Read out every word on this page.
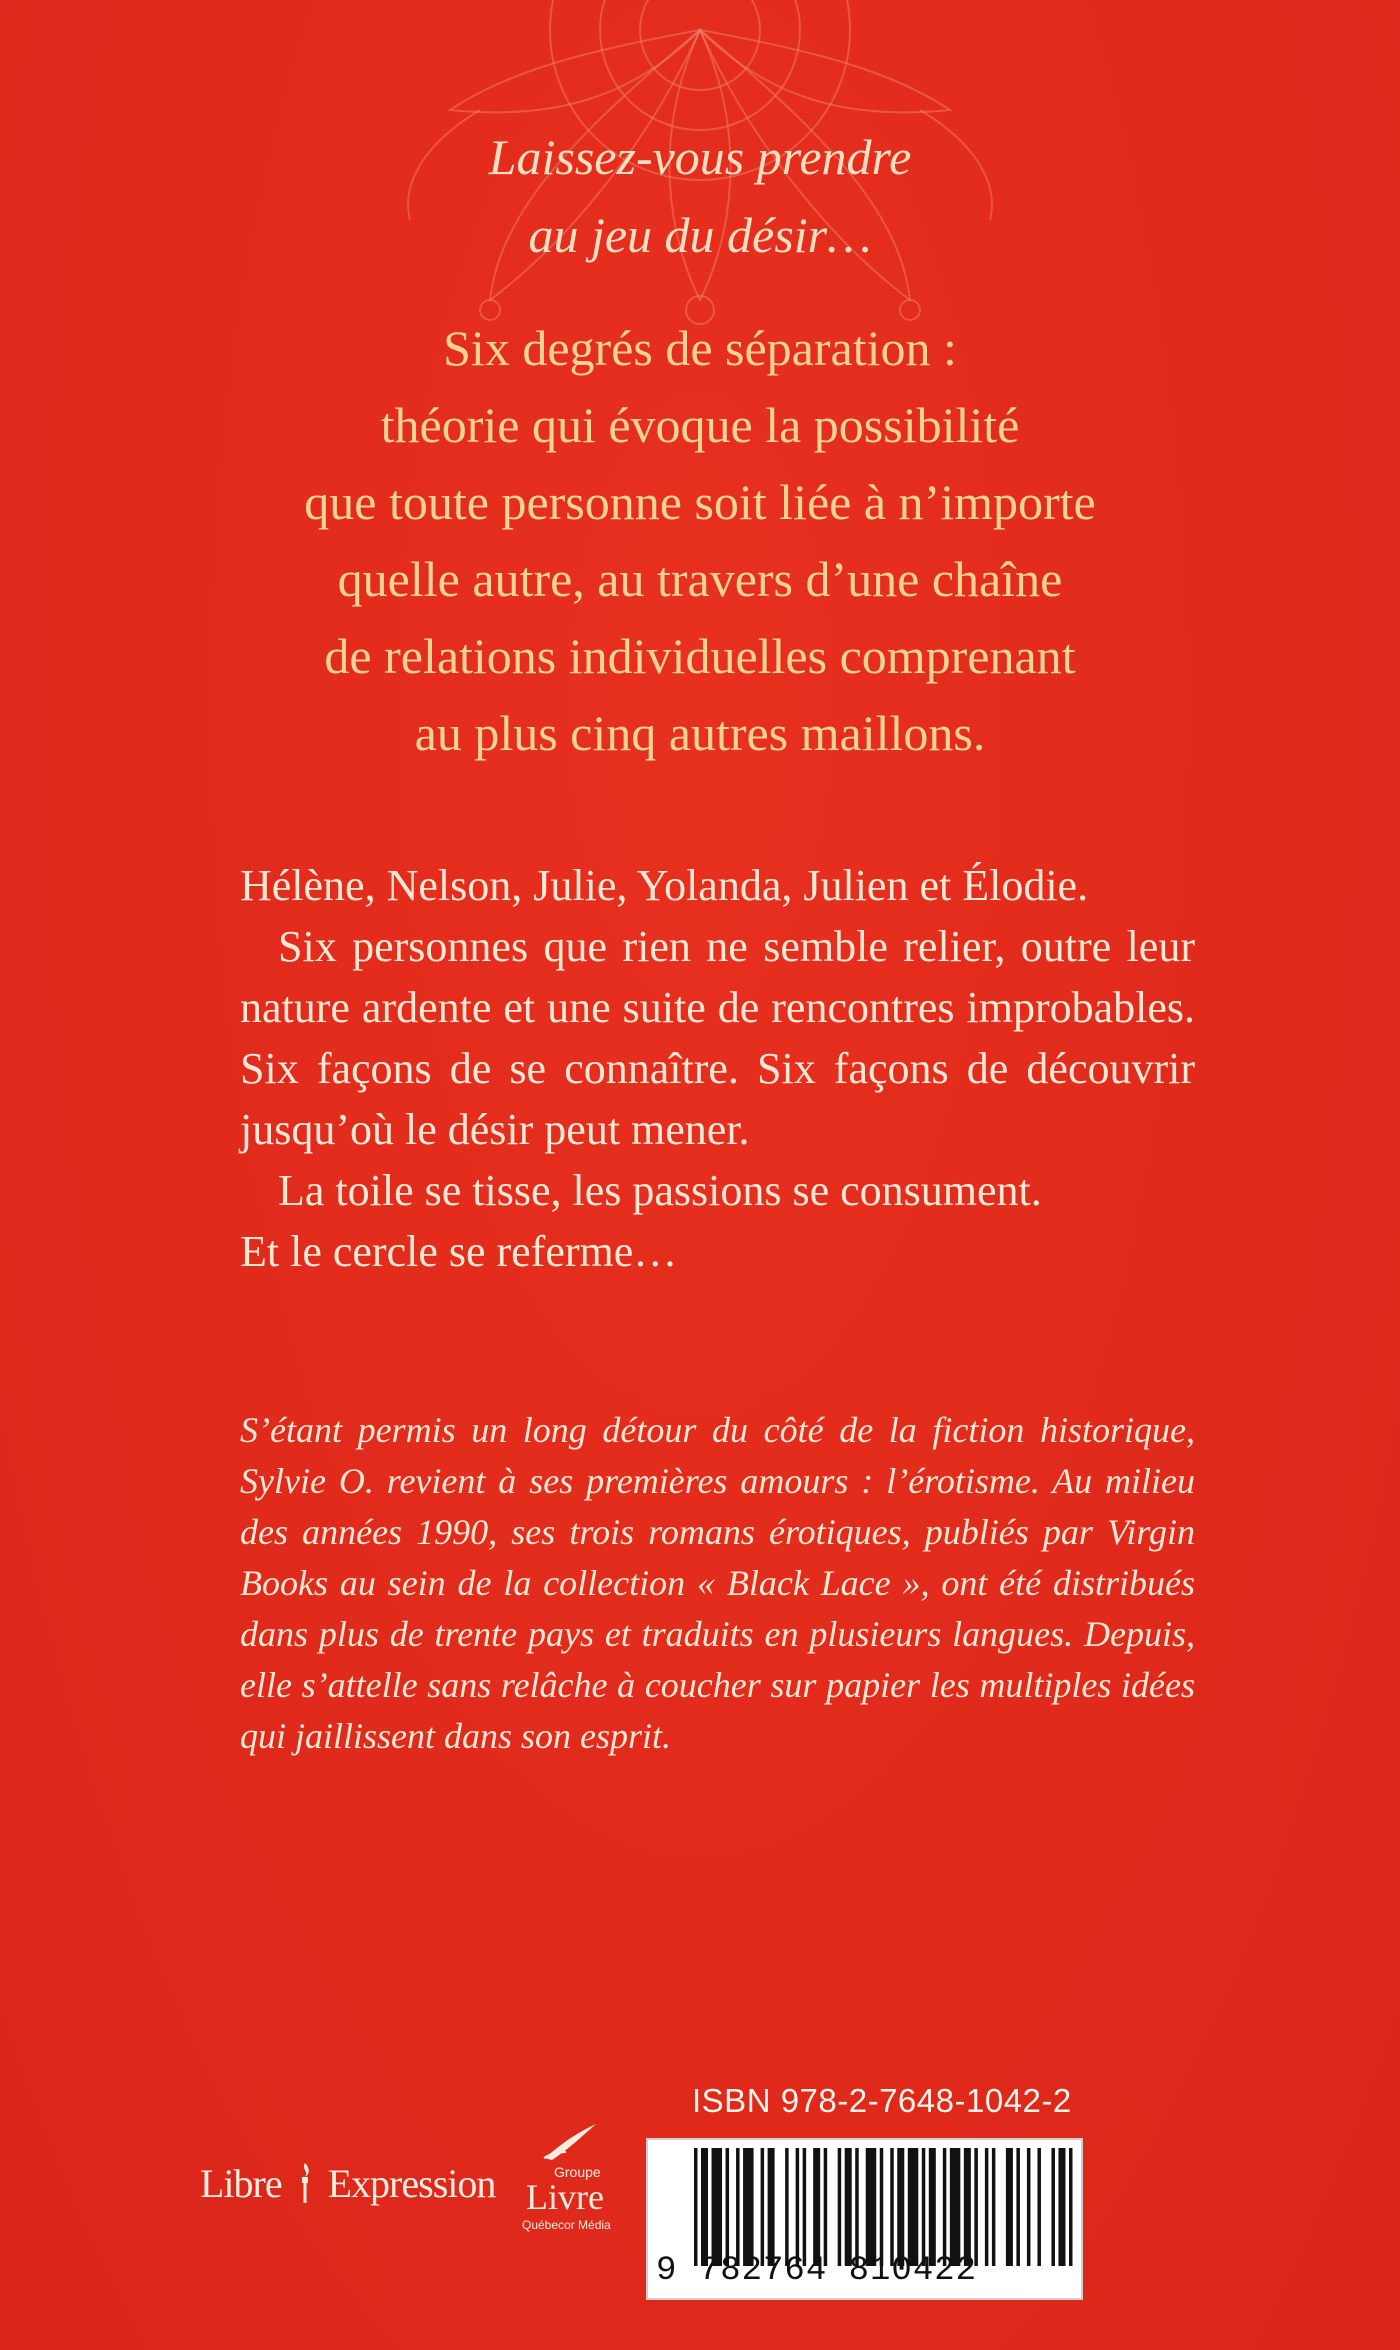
Laissez-vous prendre
au jeu du désir…
Six degrés de séparation :
théorie qui évoque la possibilité
que toute personne soit liée à n’importe
quelle autre, au travers d’une chaîne
de relations individuelles comprenant
au plus cinq autres maillons.

Hélène, Nelson, Julie, Yolanda, Julien et Élodie.

Six personnes que rien ne semble relier, outre leur nature ardente et une suite de rencontres improbables. Six façons de se connaître. Six façons de découvrir jusqu’où le désir peut mener.

La toile se tisse, les passions se consument.

Et le cercle se referme…

S’étant permis un long détour du côté de la fiction historique, Sylvie O. revient à ses premières amours : l’érotisme. Au milieu des années 1990, ses trois romans érotiques, publiés par Virgin Books au sein de la collection « Black Lace », ont été distribués dans plus de trente pays et traduits en plusieurs langues. Depuis, elle s’attelle sans relâche à coucher sur papier les multiples idées qui jaillissent dans son esprit.
Libre Expression	Groupe
Livre
Québecor Média
ISBN 978-2-7648-1042-2
9 782764 810422
